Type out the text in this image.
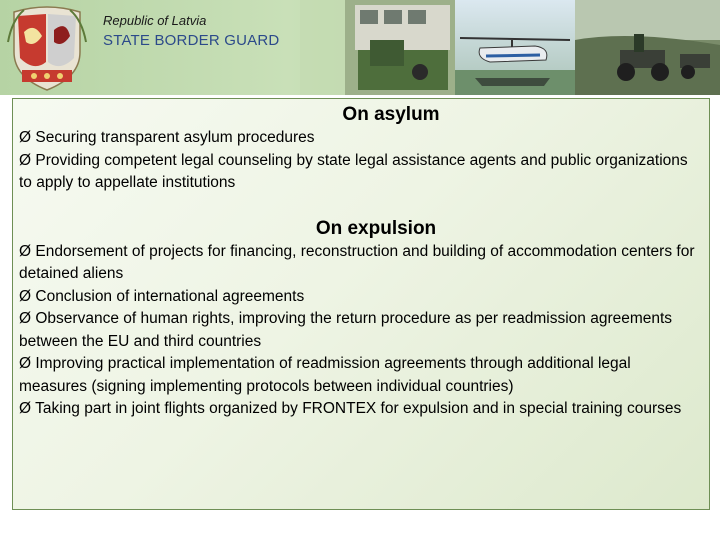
Republic of Latvia
STATE BORDER GUARD

On asylum

Ø Securing transparent asylum procedures

Ø Providing competent legal counseling by state legal assistance agents and public organizations to apply to appellate institutions

On expulsion

Ø Endorsement of projects for financing, reconstruction and building of accommodation centers for detained aliens

Ø Conclusion of international agreements

Ø Observance of human rights, improving the return procedure as per readmission agreements between the EU and third countries

Ø Improving practical implementation of readmission agreements through additional legal measures (signing implementing protocols between individual countries)

Ø Taking part in joint flights organized by FRONTEX for expulsion and in special training courses
